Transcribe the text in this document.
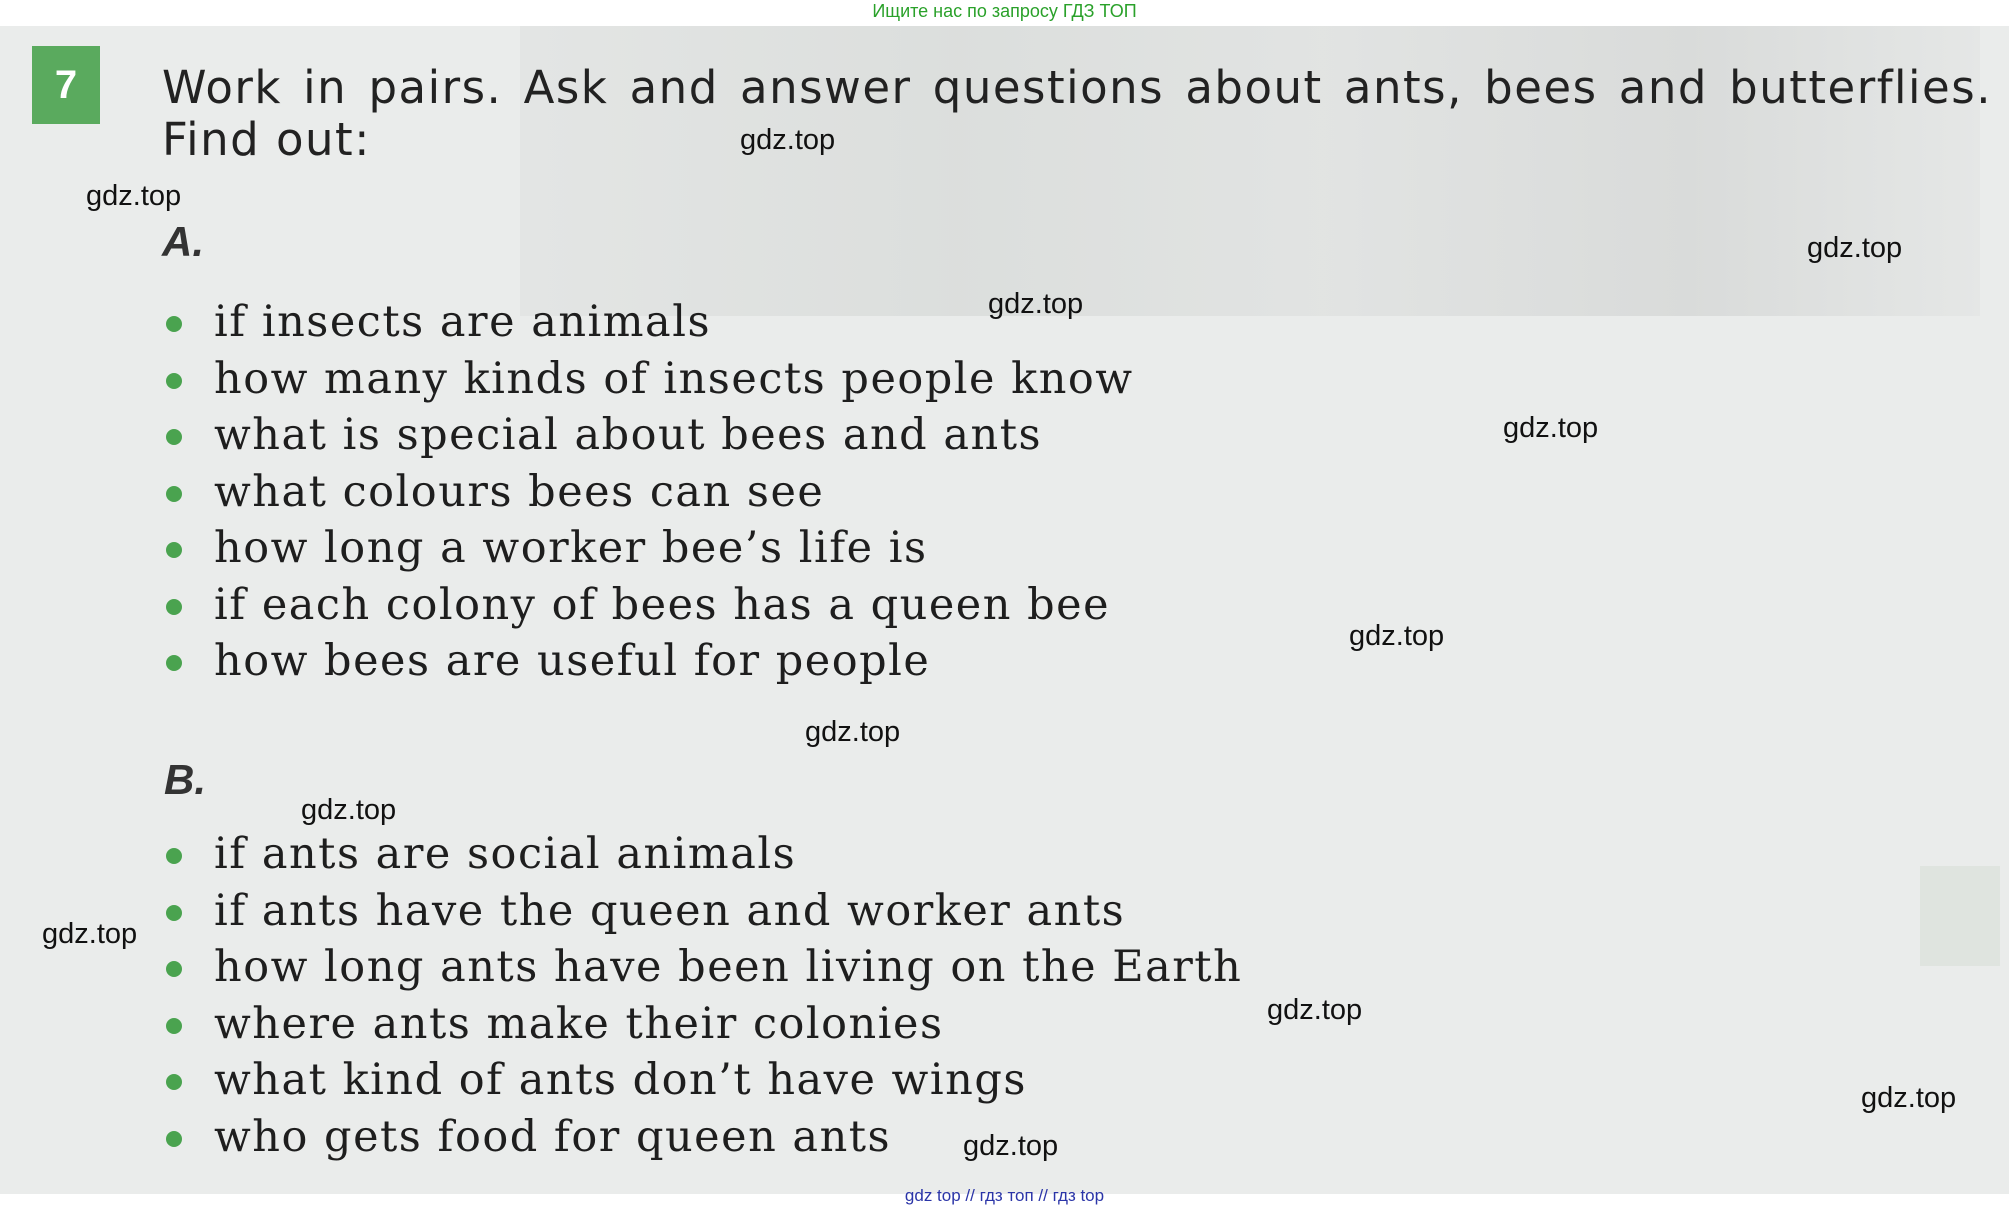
Ищите нас по запросу ГДЗ ТОП
7	Work in pairs. Ask and answer questions about ants, bees and butterflies. Find out:
A.
if insects are animals
how many kinds of insects people know
what is special about bees and ants
what colours bees can see
how long a worker bee’s life is
if each colony of bees has a queen bee
how bees are useful for people
B.
if ants are social animals
if ants have the queen and worker ants
how long ants have been living on the Earth
where ants make their colonies
what kind of ants don’t have wings
who gets food for queen ants
gdz.top
gdz.top
gdz.top
gdz.top
gdz.top
gdz.top
gdz.top
gdz.top
gdz.top
gdz.top
gdz.top
gdz.top
gdz top // гдз топ // гдз top
